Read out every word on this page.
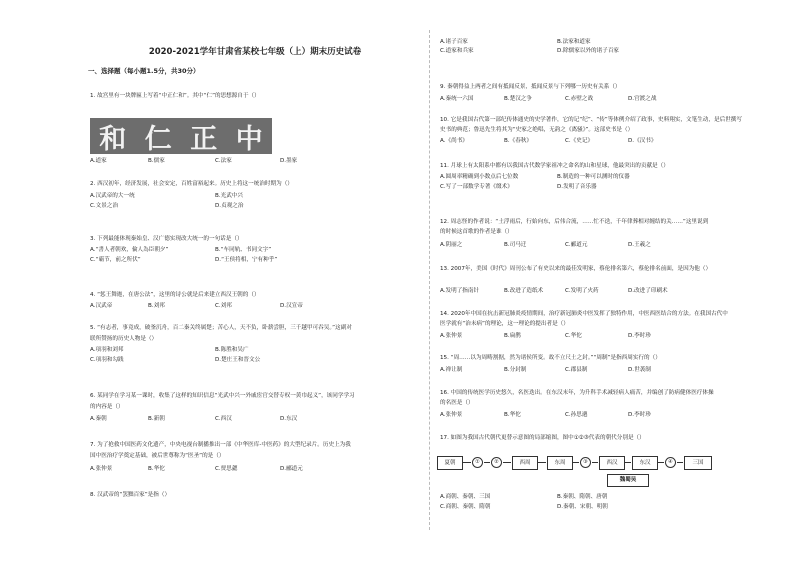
2020-2021学年甘肃省某校七年级（上）期末历史试卷
一、选择题（每小题1.5分，共30分）
1. 故宫里有一块牌匾上写着“中正仁和”。其中“仁”的思想源自于（）
和 仁 正 中
A.道家	B.儒家	C.法家	D.墨家
2. 西汉初年，经济发展，社会安定，百姓富裕起来。历史上将这一统治时期为（）
A.汉武帝的大一统	B.光武中兴
C.文景之治	D.贞观之治
3. 下列最能体现秦始皇、汉广德实现改大统一的一句话是（）
A.“書人者朝欢，倫人為臣朝夕”	B.“车同轨、书同文字”
C.“霸节，前之所伏”	D.“王侯将相，宁有种乎”
4. “惩王舞迦，在唐公法”，这里的诗公就是后来建立西汉王朝的（）
A.汉武帝	B.刘邦	C.刘邦	D.汉宣帝
5. “有志者，事竟成，破釜沉舟，百二秦关终属楚；苦心人，天不负，卧薪尝胆，三千越甲可吞吴。”这副对
联所赞扬的历史人物是（）
A.项羽和刘邦	B.陈胜和吴广
C.项羽和勾践	D.楚庄王和晋文公
6. 某同学在学习某一课时，收集了这样的知识信息“光武中兴一外戚宦官交替专权一黄巾起义”，该同学学习
的内容是（）
A.秦朝	B.新朝	C.西汉	D.东汉
7. 为了抢救中国医药文化遗产，中央电视台制播推出一部《中华医库-中医药》的大型纪录片。历史上为我
国中医治疗学奠定基础，被后世尊称为“医圣”的是（）
A.张仲景	B.华佗	C.贾思勰	D.郦道元
8. 汉武帝的“罢黜百家”是指（）
A.诸子百家	B.法家和道家
C.道家和兵家	D.除儒家以外的诸子百家
9. 秦朝得益上两者之间有抵闻反景，抵闻反景与下列哪一历史有关系（）
A.秦统一六国	B.楚汉之争	C.赤壁之战	D.官渡之战
10. 它是我国古代第一部纪传体通史的史学著作，它的记“纪”、“传”等体例介绍了政事，史料翔实，文笔生动，是后世撰写
史书的典范；鲁迅先生将其为“史家之绝唱，无韵之《离骚》”。这部史书是（）
A.《尚书》	B.《春秋》	C.《史记》	D.《汉书》
11. 月球上有太阳系中都有以我国古代数学家祖冲之命名的山和星球，他最突出的贡献是（）
A.圆周率精确到小数点后七位数	B.制造的一种可以测时的仪器
C.写了一部数学专著《缀术》	D.发明了音乐器
12. 周志怪的作者说：“土浮雨后，行始向东，后伟合流，……忙不迭，千年律葬相对缠结的关……”这里说到
的时候这首歌的作者是谁（）
A.阴丽之	B.司马迁	C.郦道元	D.王羲之
13. 2007年，美国《时代》周刊公布了有史以来的最佳发明家，蔡伦排名第六，蔡伦排名前面，是因为他（）
A.发明了指南针	B.改进了造纸术	C.发明了火药	D.改进了印刷术
14. 2020年中国在抗击新冠肺炎疫情期间，治疗新冠肺炎中医发挥了独特作用，中医西医结合的方法。在我国古代中
医学就有“治未病”的理论，这一理论的提出者是（）
A.张仲景	B.扁鹊	C.华佗	D.李时珍
15. “周……以为周畴割据，然为诸侯所变。故不立尺土之封。”“周制”是指西周实行的（）
A.禅让制	B.分封制	C.郡县制	D.世袭制
16. 中国的传统医学历史悠久，名医迭出。在东汉末年，为升科手术减轻病人痛苦，并编创了防病健体医疗体操
的名医是（）
A.张仲景	B.华佗	C.孙思邈	D.李时珍
17. 如图为我国古代朝代更替示意图的局部缩图，图中①②③代表的朝代分别是（）
夏朝	①	②	西周	东周	③	西汉	东汉	④	三国
魏蜀吴
A.商朝、秦朝、三国	B.秦朝、隋朝、唐朝
C.商朝、秦朝、隋朝	D.秦朝、宋朝、明朝
